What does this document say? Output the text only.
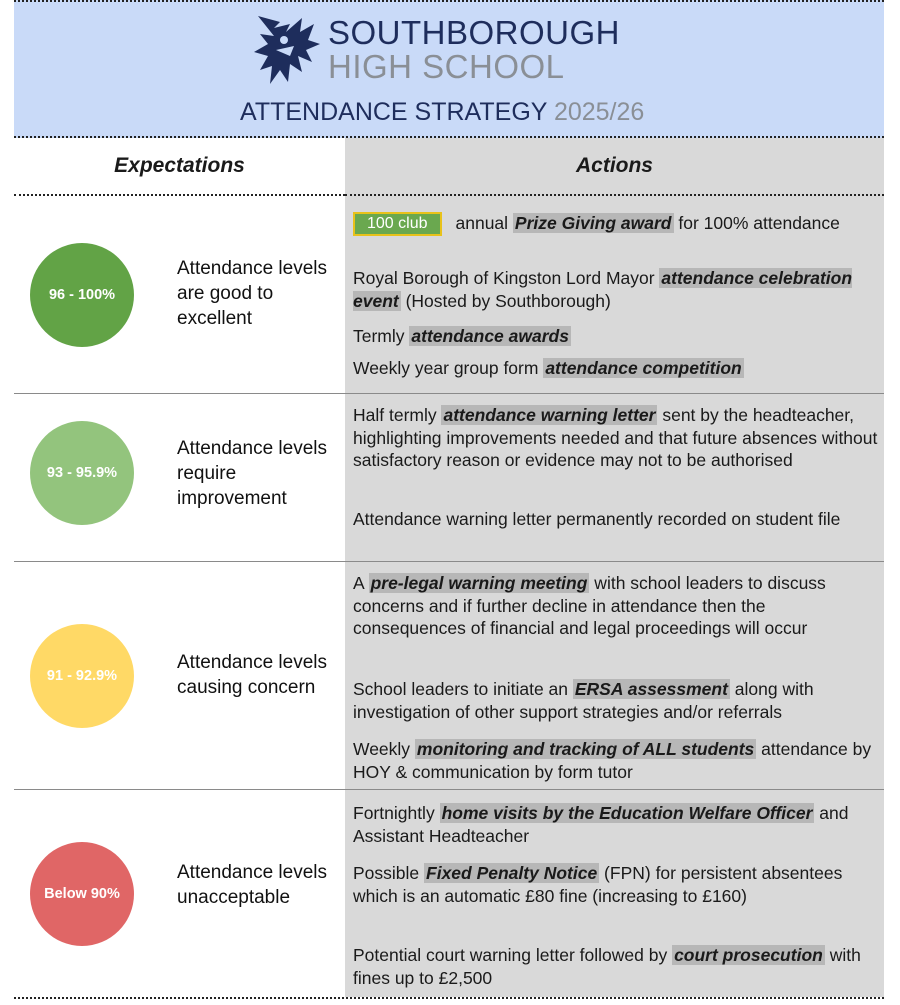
SOUTHBOROUGH
HIGH SCHOOL
ATTENDANCE STRATEGY 2025/26
Expectations	Actions
96 - 100%
Attendance levels are good to excellent
100 club annual Prize Giving award for 100% attendance
Royal Borough of Kingston Lord Mayor attendance celebration event (Hosted by Southborough)
Termly attendance awards
Weekly year group form attendance competition
93 - 95.9%
Attendance levels require improvement
Half termly attendance warning letter sent by the headteacher, highlighting improvements needed and that future absences without satisfactory reason or evidence may not to be authorised
Attendance warning letter permanently recorded on student file
91 - 92.9%
Attendance levels causing concern
A pre-legal warning meeting with school leaders to discuss concerns and if further decline in attendance then the consequences of financial and legal proceedings will occur
School leaders to initiate an ERSA assessment along with investigation of other support strategies and/or referrals
Weekly monitoring and tracking of ALL students attendance by HOY & communication by form tutor
Below 90%
Attendance levels unacceptable
Fortnightly home visits by the Education Welfare Officer and Assistant Headteacher
Possible Fixed Penalty Notice (FPN) for persistent absentees which is an automatic £80 fine (increasing to £160)
Potential court warning letter followed by court prosecution with fines up to £2,500
